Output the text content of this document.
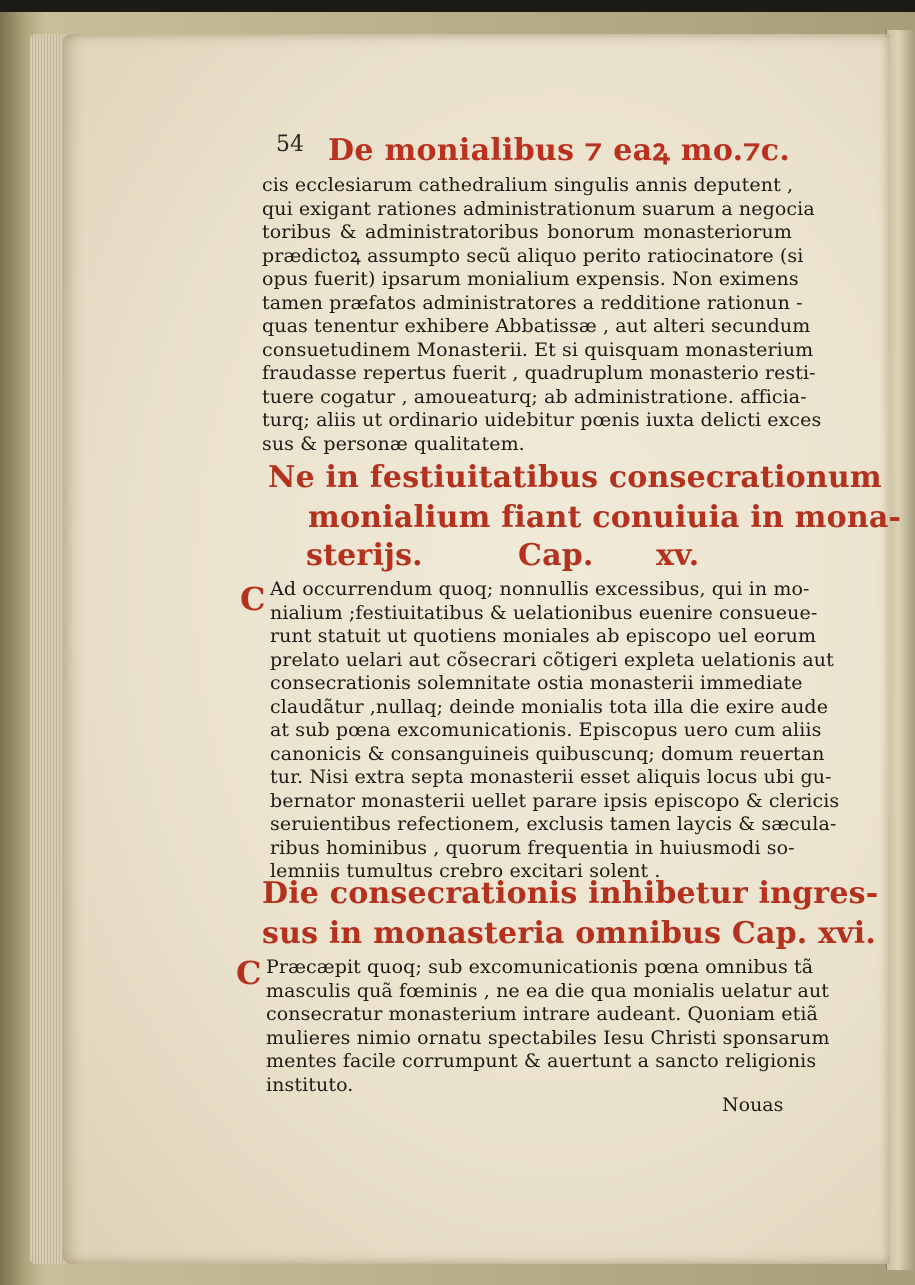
54 De monialibus ⁊ eaꝝ mo.⁊c.
cis ecclesiarum cathedralium singulis annis deputent ,
qui exigant rationes administrationum suarum a negocia
toribus & administratoribus bonorum monasteriorum
prædictoꝝ assumpto secũ aliquo perito ratiocinatore (si
opus fuerit) ipsarum monialium expensis. Non eximens
tamen præfatos administratores a redditione rationun -
quas tenentur exhibere Abbatissæ , aut alteri secundum
consuetudinem Monasterii. Et si quisquam monasterium
fraudasse repertus fuerit , quadruplum monasterio resti-
tuere cogatur , amoueaturq; ab administratione. afficia-
turq; aliis ut ordinario uidebitur pœnis iuxta delicti exces
sus & personæ qualitatem.
Ne in festiuitatibus consecrationum
monialium fiant conuiuia in mona-
sterijs.	Cap. xv.
C Ad occurrendum quoq; nonnullis excessibus, qui in mo-
nialium ;festiuitatibus & uelationibus euenire consueue-
runt statuit ut quotiens moniales ab episcopo uel eorum
prelato uelari aut cõsecrari cõtigeri expleta uelationis aut
consecrationis solemnitate ostia monasterii immediate
claudãtur ,nullaq; deinde monialis tota illa die exire aude
at sub pœna excomunicationis. Episcopus uero cum aliis
canonicis & consanguineis quibuscunq; domum reuertan
tur. Nisi extra septa monasterii esset aliquis locus ubi gu-
bernator monasterii uellet parare ipsis episcopo & clericis
seruientibus refectionem, exclusis tamen laycis & sæcula-
ribus hominibus , quorum frequentia in huiusmodi so-
lemniis tumultus crebro excitari solent .
Die consecrationis inhibetur ingres-
sus in monasteria omnibus Cap. xvi.
C Præcæpit quoq; sub excomunicationis pœna omnibus tã
masculis quã fœminis , ne ea die qua monialis uelatur aut
consecratur monasterium intrare audeant. Quoniam etiã
mulieres nimio ornatu spectabiles Iesu Christi sponsarum
mentes facile corrumpunt & auertunt a sancto religionis
instituto.
Nouas
